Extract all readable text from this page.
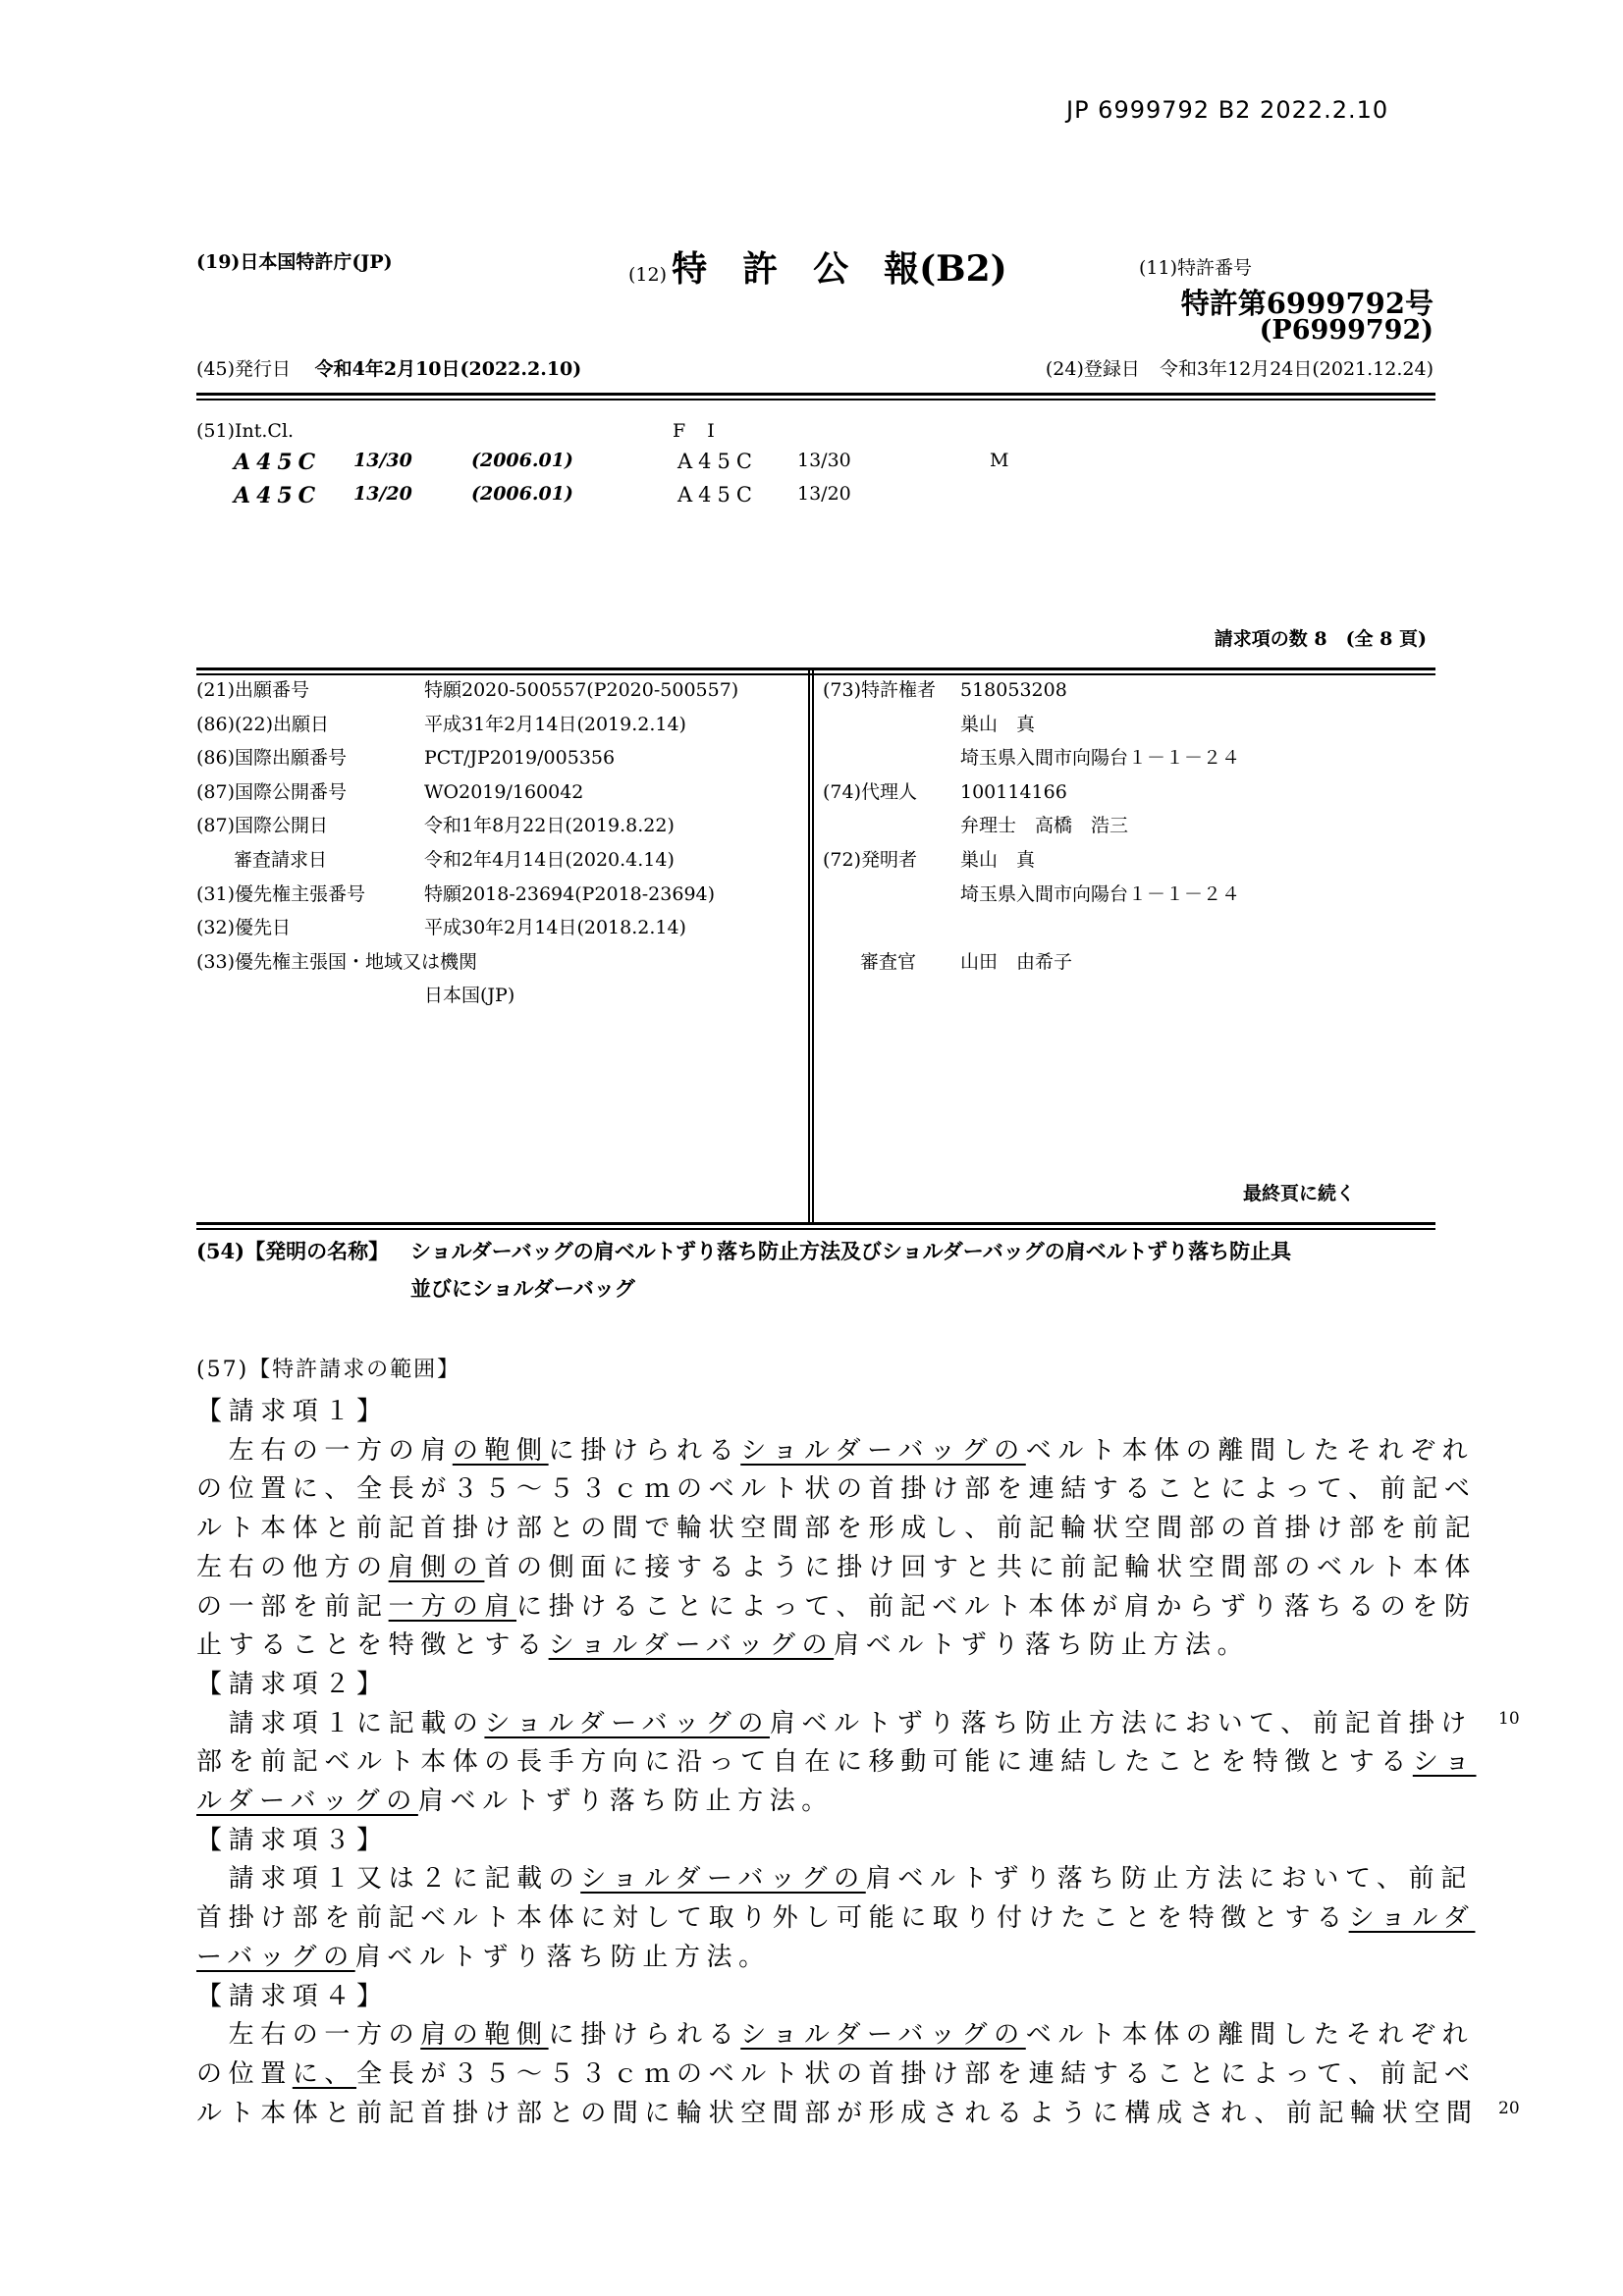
JP 6999792 B2 2022.2.10
(19)日本国特許庁(JP)
(12) 特　許　公　報(B2)	(11)特許番号
特許第6999792号
(P6999792)
(45)発行日 令和4年2月10日(2022.2.10)	(24)登録日 令和3年12月24日(2021.12.24)
(51)Int.Cl.	F I
A45C 13/30	(2006.01)	A45C 13/30	M
A45C 13/20	(2006.01)	A45C 13/20
請求項の数 8　(全 8 頁)
(21)出願番号	特願2020-500557(P2020-500557)
(86)(22)出願日	平成31年2月14日(2019.2.14)
(86)国際出願番号	PCT/JP2019/005356
(87)国際公開番号	WO2019/160042
(87)国際公開日	令和1年8月22日(2019.8.22)
　　審査請求日	令和2年4月14日(2020.4.14)
(31)優先権主張番号	特願2018-23694(P2018-23694)
(32)優先日	平成30年2月14日(2018.2.14)
(33)優先権主張国・地域又は機関
日本国(JP)
(73)特許権者	518053208
巣山　真
埼玉県入間市向陽台１－１－２４
(74)代理人	100114166
弁理士　高橋　浩三
(72)発明者	巣山　真
埼玉県入間市向陽台１－１－２４
　　審査官	山田　由希子
最終頁に続く
(54)【発明の名称】 ショルダーバッグの肩ベルトずり落ち防止方法及びショルダーバッグの肩ベルトずり落ち防止具
並びにショルダーバッグ
(57)【特許請求の範囲】
【請求項１】
　左右の一方の肩の鞄側に掛けられるショルダーバッグのベルト本体の離間したそれぞれ
の位置に、全長が３５～５３ｃｍのベルト状の首掛け部を連結することによって、前記ベ
ルト本体と前記首掛け部との間で輪状空間部を形成し、前記輪状空間部の首掛け部を前記
左右の他方の肩側の首の側面に接するように掛け回すと共に前記輪状空間部のベルト本体
の一部を前記一方の肩に掛けることによって、前記ベルト本体が肩からずり落ちるのを防
止することを特徴とするショルダーバッグの肩ベルトずり落ち防止方法。
【請求項２】
　請求項１に記載のショルダーバッグの肩ベルトずり落ち防止方法において、前記首掛け 10
部を前記ベルト本体の長手方向に沿って自在に移動可能に連結したことを特徴とするショ
ルダーバッグの肩ベルトずり落ち防止方法。
【請求項３】
　請求項１又は２に記載のショルダーバッグの肩ベルトずり落ち防止方法において、前記
首掛け部を前記ベルト本体に対して取り外し可能に取り付けたことを特徴とするショルダ
ーバッグの肩ベルトずり落ち防止方法。
【請求項４】
　左右の一方の肩の鞄側に掛けられるショルダーバッグのベルト本体の離間したそれぞれ
の位置に、全長が３５～５３ｃｍのベルト状の首掛け部を連結することによって、前記ベ
ルト本体と前記首掛け部との間に輪状空間部が形成されるように構成され、前記輪状空間 20
